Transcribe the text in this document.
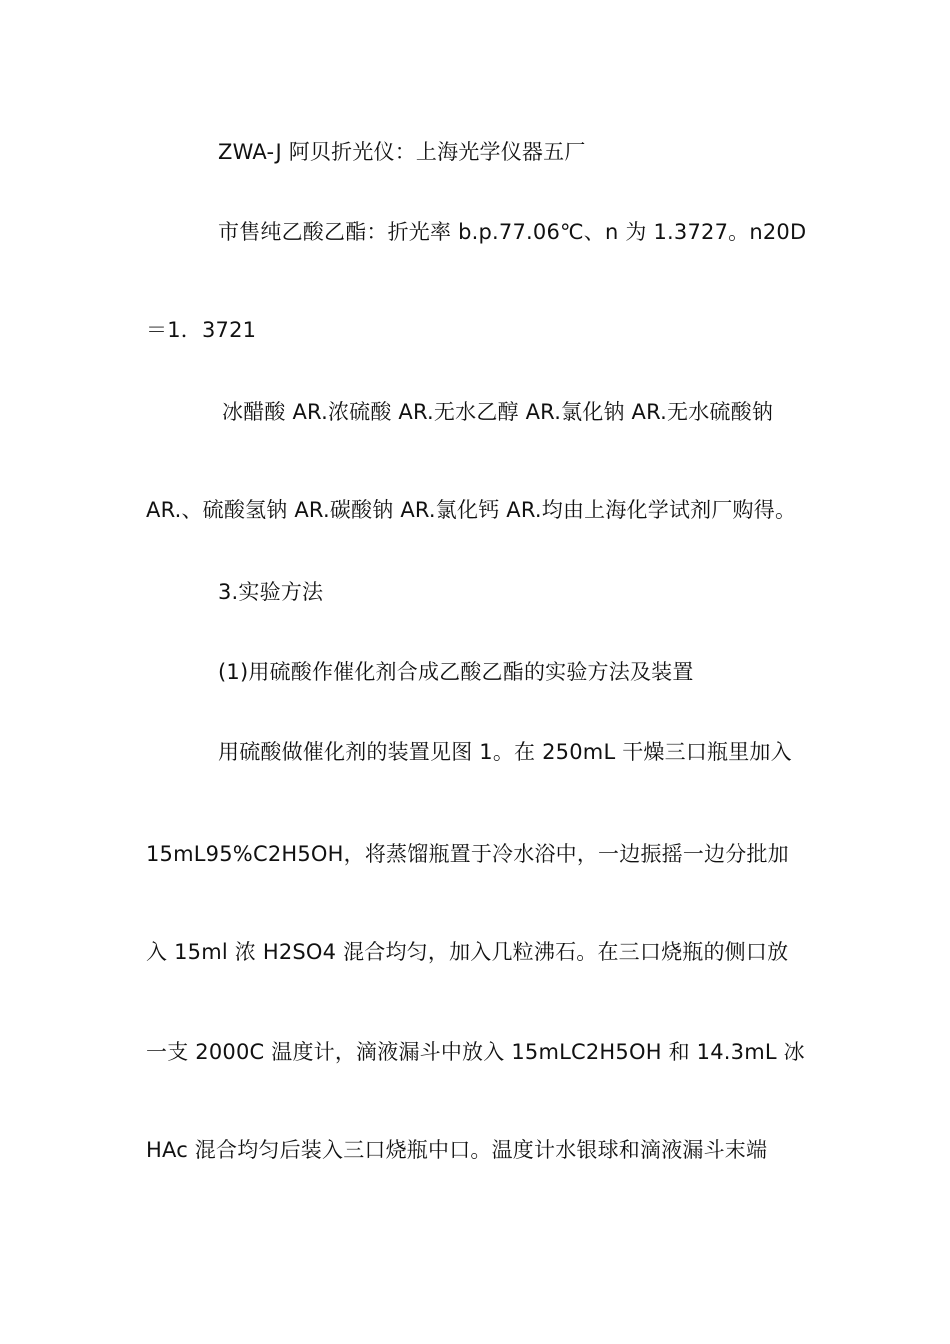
ZWA-J 阿贝折光仪：上海光学仪器五厂
市售纯乙酸乙酯：折光率 b.p.77.06℃、n 为 1.3727。n20D
＝1．3721
冰醋酸 AR.浓硫酸 AR.无水乙醇 AR.氯化钠 AR.无水硫酸钠
AR.、硫酸氢钠 AR.碳酸钠 AR.氯化钙 AR.均由上海化学试剂厂购得。
3.实验方法
(1)用硫酸作催化剂合成乙酸乙酯的实验方法及装置
用硫酸做催化剂的装置见图 1。在 250mL 干燥三口瓶里加入
15mL95%C2H5OH，将蒸馏瓶置于冷水浴中，一边振摇一边分批加
入 15ml 浓 H2SO4 混合均匀，加入几粒沸石。在三口烧瓶的侧口放
一支 2000C 温度计，滴液漏斗中放入 15mLC2H5OH 和 14.3mL 冰
HAc 混合均匀后装入三口烧瓶中口。温度计水银球和滴液漏斗末端
